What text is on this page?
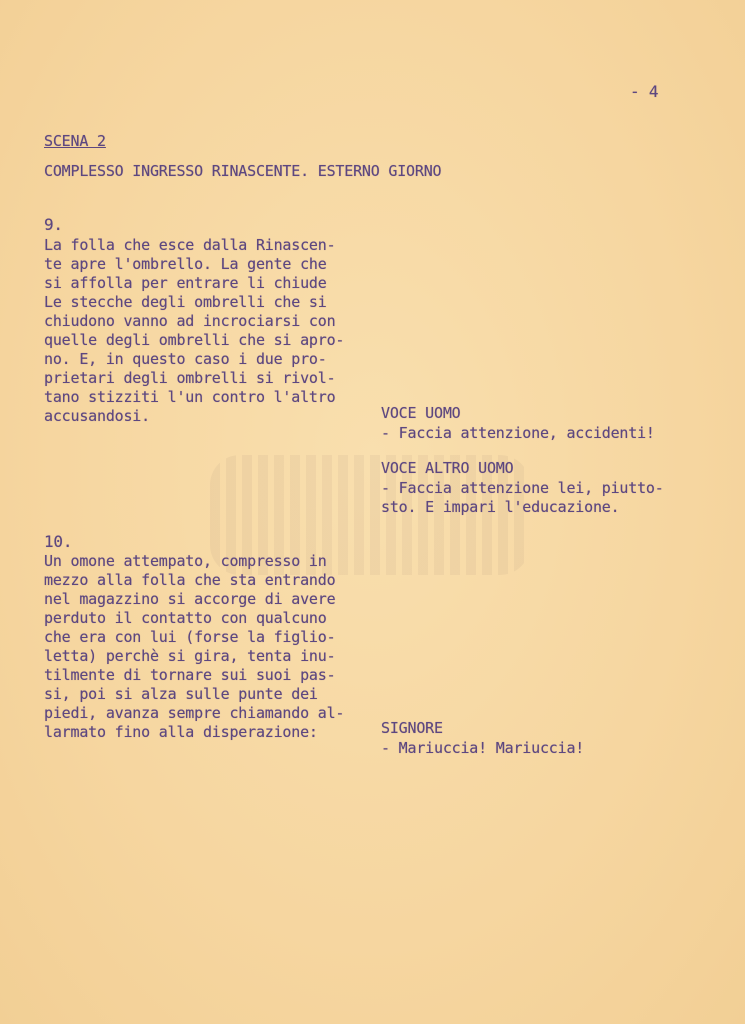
- 4
SCENA 2
COMPLESSO INGRESSO RINASCENTE. ESTERNO GIORNO
9.
La folla che esce dalla Rinascen-
te apre l'ombrello. La gente che
si affolla per entrare li chiude
Le stecche degli ombrelli che si
chiudono vanno ad incrociarsi con
quelle degli ombrelli che si apro-
no. E, in questo caso i due pro-
prietari degli ombrelli si rivol-
tano stizziti l'un contro l'altro
accusandosi.	VOCE UOMO
- Faccia attenzione, accidenti!
VOCE ALTRO UOMO
- Faccia attenzione lei, piutto-
sto. E impari l'educazione.
10.
Un omone attempato, compresso in
mezzo alla folla che sta entrando
nel magazzino si accorge di avere
perduto il contatto con qualcuno
che era con lui (forse la figlio-
letta) perchè si gira, tenta inu-
tilmente di tornare sui suoi pas-
si, poi si alza sulle punte dei
piedi, avanza sempre chiamando al-
larmato fino alla disperazione:	SIGNORE
- Mariuccia! Mariuccia!
